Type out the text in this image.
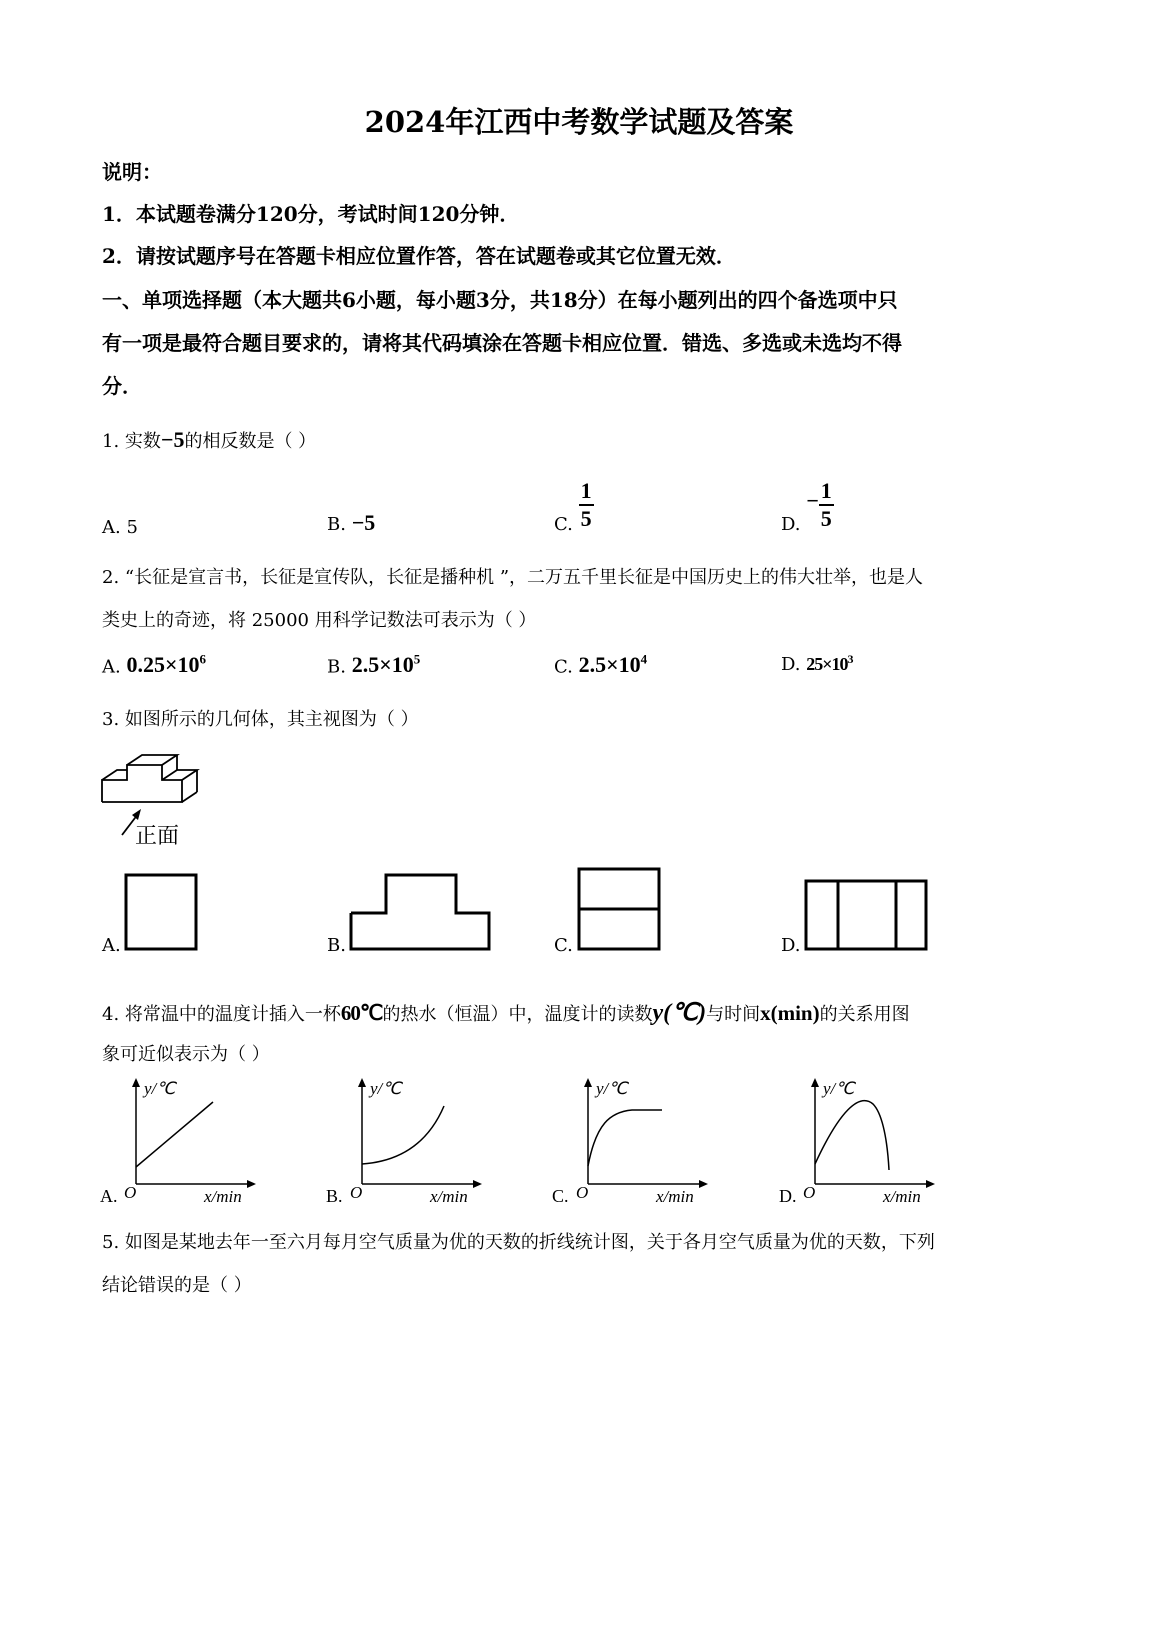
2024年江西中考数学试题及答案
说明：
1．本试题卷满分120分，考试时间120分钟．
2．请按试题序号在答题卡相应位置作答，答在试题卷或其它位置无效．
一、单项选择题（本大题共6小题，每小题3分，共18分）在每小题列出的四个备选项中只
有一项是最符合题目要求的，请将其代码填涂在答题卡相应位置．错选、多选或未选均不得
分．
1. 实数−5的相反数是（ ）
A. 5	B. −5	C. $\frac{1}{5}$	D. − $\frac{1}{5}$
2. “长征是宣言书，长征是宣传队，长征是播种机 ”，二万五千里长征是中国历史上的伟大壮举，也是人
类史上的奇迹，将 25000 用科学记数法可表示为（ ）
A. $0.25\times 10^6$	B. $2.5\times 10^5$	C. $2.5\times 10^4$	D. $25\times 10^3$
3. 如图所示的几何体，其主视图为（ ）
正面
A.	B.	C.	D.
4. 将常温中的温度计插入一杯60℃的热水（恒温）中，温度计的读数y(℃)与时间x(min)的关系用图
象可近似表示为（ ）
A.
y/℃
O	x/min	B.
y/℃
O	x/min	C.
y/℃
O	x/min	D.
y/℃
O	x/min
5. 如图是某地去年一至六月每月空气质量为优的天数的折线统计图，关于各月空气质量为优的天数，下列
结论错误的是（ ）
